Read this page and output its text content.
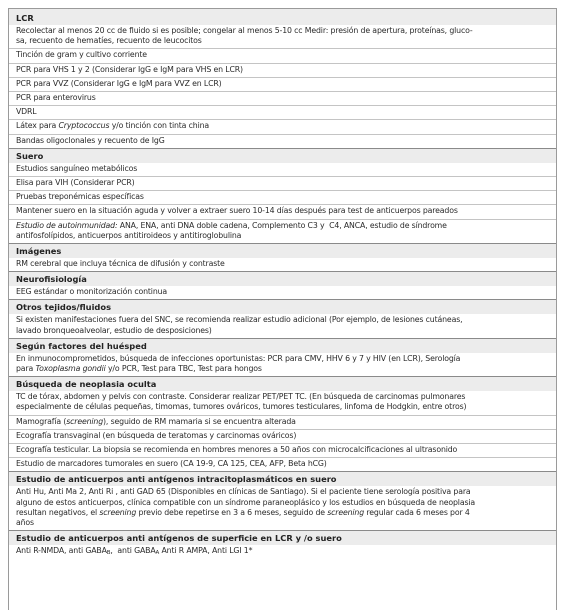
LCR
Recolectar al menos 20 cc de fluido si es posible; congelar al menos 5-10 cc Medir: presión de apertura, proteínas, gluco-
sa, recuento de hematíes, recuento de leucocitos
Tinción de gram y cultivo corriente
PCR para VHS 1 y 2 (Considerar IgG e IgM para VHS en LCR)
PCR para VVZ (Considerar IgG e IgM para VVZ en LCR)
PCR para enterovirus
VDRL
Látex para Cryptococcus y/o tinción con tinta china
Bandas oligoclonales y recuento de IgG
Suero
Estudios sanguíneo metabólicos
Elisa para VIH (Considerar PCR)
Pruebas treponémicas específicas
Mantener suero en la situación aguda y volver a extraer suero 10-14 días después para test de anticuerpos pareados
Estudio de autoinmunidad: ANA, ENA, anti DNA doble cadena, Complemento C3 y  C4, ANCA, estudio de síndrome
antifosfolípidos, anticuerpos antitiroideos y antitiroglobulina
Imágenes
RM cerebral que incluya técnica de difusión y contraste
Neurofisiología
EEG estándar o monitorización continua
Otros tejidos/fluidos
Si existen manifestaciones fuera del SNC, se recomienda realizar estudio adicional (Por ejemplo, de lesiones cutáneas,
lavado bronqueoalveolar, estudio de desposiciones)
Según factores del huésped
En inmunocomprometidos, búsqueda de infecciones oportunistas: PCR para CMV, HHV 6 y 7 y HIV (en LCR), Serología
para Toxoplasma gondii y/o PCR, Test para TBC, Test para hongos
Búsqueda de neoplasia oculta
TC de tórax, abdomen y pelvis con contraste. Considerar realizar PET/PET TC. (En búsqueda de carcinomas pulmonares
especialmente de células pequeñas, timomas, tumores ováricos, tumores testiculares, linfoma de Hodgkin, entre otros)
Mamografía (screening), seguido de RM mamaria si se encuentra alterada
Ecografía transvaginal (en búsqueda de teratomas y carcinomas ováricos)
Ecografía testicular. La biopsia se recomienda en hombres menores a 50 años con microcalcificaciones al ultrasonido
Estudio de marcadores tumorales en suero (CA 19-9, CA 125, CEA, AFP, Beta hCG)
Estudio de anticuerpos anti antígenos intracitoplasmáticos en suero
Anti Hu, Anti Ma 2, Anti Ri , anti GAD 65 (Disponibles en clínicas de Santiago). Si el paciente tiene serología positiva para
alguno de estos anticuerpos, clínica compatible con un síndrome paraneoplásico y los estudios en búsqueda de neoplasia
resultan negativos, el screening previo debe repetirse en 3 a 6 meses, seguido de screening regular cada 6 meses por 4
años
Estudio de anticuerpos anti antígenos de superficie en LCR y /o suero
Anti R-NMDA, anti $GABA_B$,  anti $GABA_A$ Anti R AMPA, Anti LGI 1*
